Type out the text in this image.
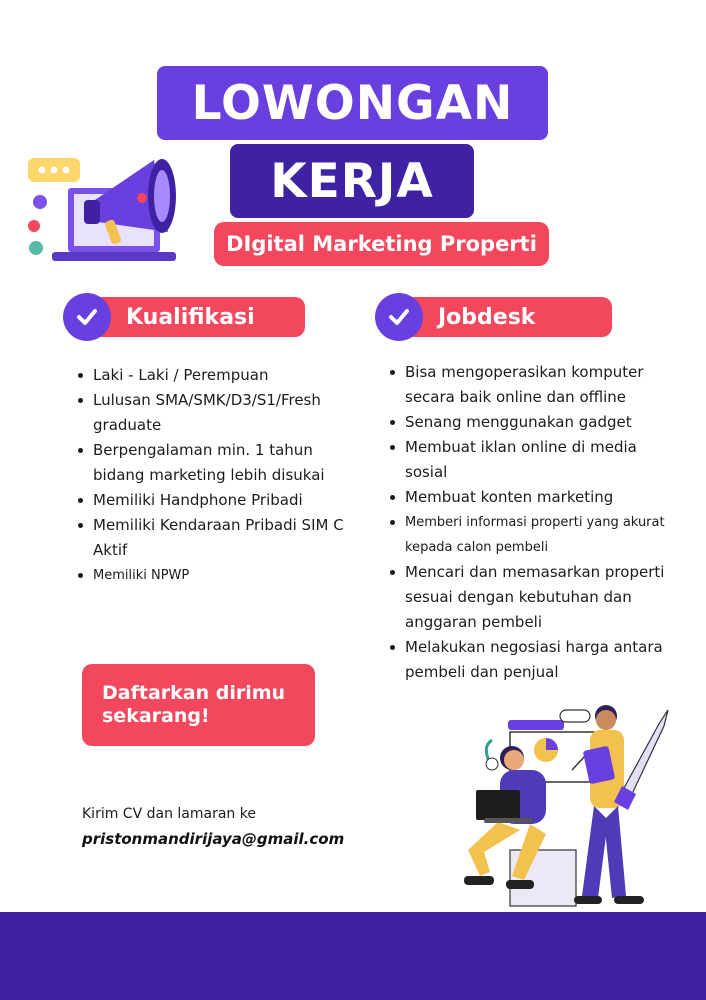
LOWONGAN
KERJA
DIgital Marketing Properti
Kualifikasi
Laki - Laki / Perempuan
Lulusan SMA/SMK/D3/S1/Fresh graduate
Berpengalaman min. 1 tahun bidang marketing lebih disukai
Memiliki Handphone Pribadi
Memiliki Kendaraan Pribadi SIM C Aktif
Memiliki NPWP
Jobdesk
Bisa mengoperasikan komputer secara baik online dan offline
Senang menggunakan gadget
Membuat iklan online di media sosial
Membuat konten marketing
Memberi informasi properti yang akurat kepada calon pembeli
Mencari dan memasarkan properti sesuai dengan kebutuhan dan anggaran pembeli
Melakukan negosiasi harga antara pembeli dan penjual
Daftarkan dirimu
sekarang!
Kirim CV dan lamaran ke
pristonmandirijaya@gmail.com
